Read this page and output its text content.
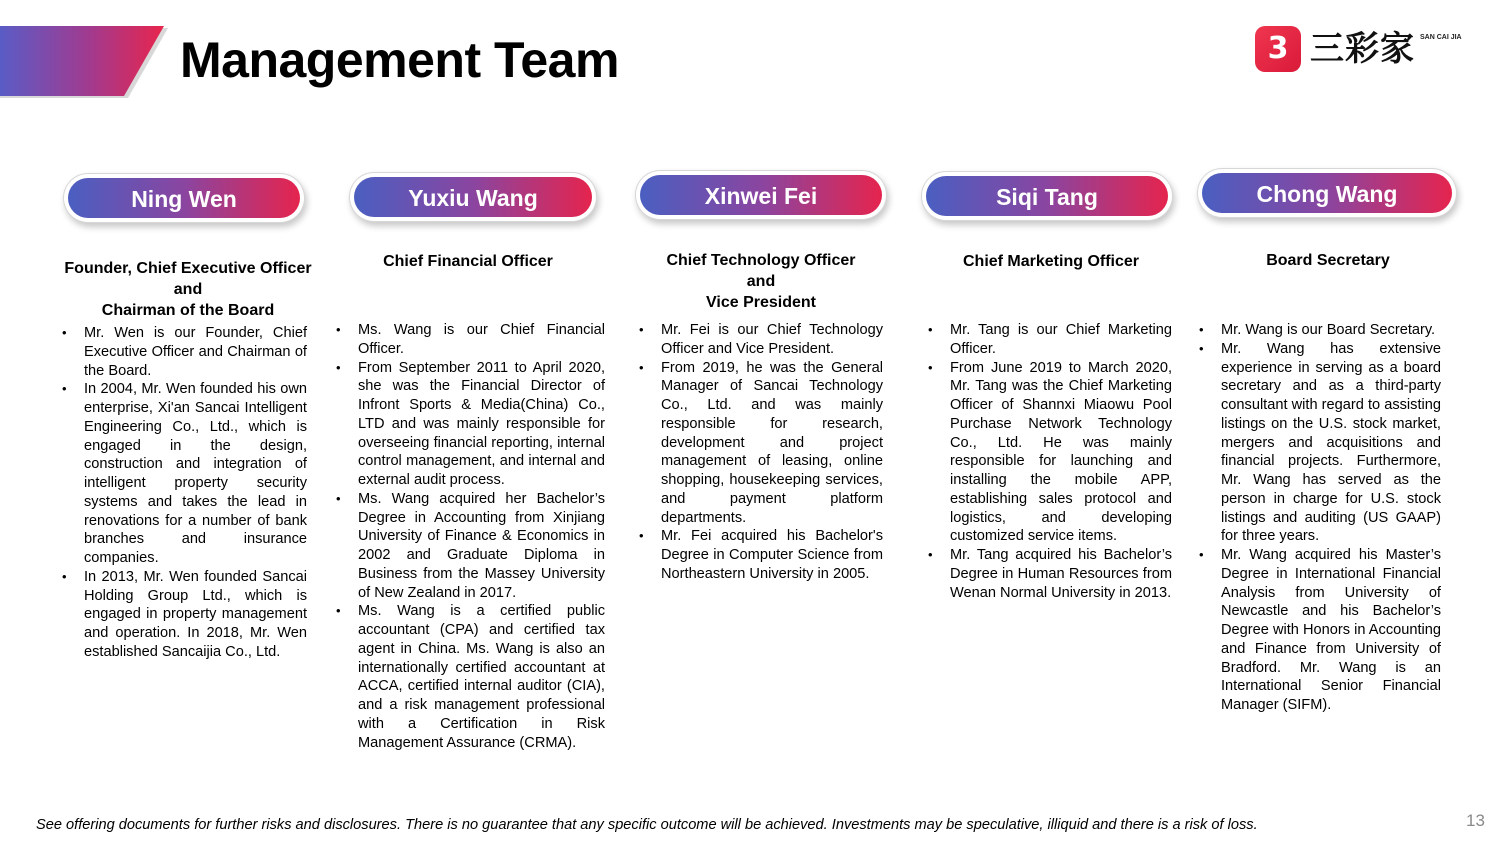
Management Team	3 三彩家 SAN CAI JIA
Ning Wen
Founder, Chief Executive Officer
and
Chairman of the Board
• Mr. Wen is our Founder, Chief Executive Officer and Chairman of the Board.
• In 2004, Mr. Wen founded his own enterprise, Xi'an Sancai Intelligent Engineering Co., Ltd., which is engaged in the design, construction and integration of intelligent property security systems and takes the lead in renovations for a number of bank branches and insurance companies.
• In 2013, Mr. Wen founded Sancai Holding Group Ltd., which is engaged in property management and operation. In 2018, Mr. Wen established Sancaijia Co., Ltd.
Yuxiu Wang
Chief Financial Officer
• Ms. Wang is our Chief Financial Officer.
• From September 2011 to April 2020, she was the Financial Director of Infront Sports & Media(China) Co., LTD and was mainly responsible for overseeing financial reporting, internal control management, and internal and external audit process.
• Ms. Wang acquired her Bachelor’s Degree in Accounting from Xinjiang University of Finance & Economics in 2002 and Graduate Diploma in Business from the Massey University of New Zealand in 2017.
• Ms. Wang is a certified public accountant (CPA) and certified tax agent in China. Ms. Wang is also an internationally certified accountant at ACCA, certified internal auditor (CIA), and a risk management professional with a Certification in Risk Management Assurance (CRMA).
Xinwei Fei
Chief Technology Officer
and
Vice President
• Mr. Fei is our Chief Technology Officer and Vice President.
• From 2019, he was the General Manager of Sancai Technology Co., Ltd. and was mainly responsible for research, development and project management of leasing, online shopping, housekeeping services, and payment platform departments.
• Mr. Fei acquired his Bachelor's Degree in Computer Science from Northeastern University in 2005.
Siqi Tang
Chief Marketing Officer
• Mr. Tang is our Chief Marketing Officer.
• From June 2019 to March 2020, Mr. Tang was the Chief Marketing Officer of Shannxi Miaowu Pool Purchase Network Technology Co., Ltd. He was mainly responsible for launching and installing the mobile APP, establishing sales protocol and logistics, and developing customized service items.
• Mr. Tang acquired his Bachelor’s Degree in Human Resources from Wenan Normal University in 2013.
Chong Wang
Board Secretary
• Mr. Wang is our Board Secretary.
• Mr. Wang has extensive experience in serving as a board secretary and as a third-party consultant with regard to assisting listings on the U.S. stock market, mergers and acquisitions and financial projects. Furthermore, Mr. Wang has served as the person in charge for U.S. stock listings and auditing (US GAAP) for three years.
• Mr. Wang acquired his Master’s Degree in International Financial Analysis from University of Newcastle and his Bachelor’s Degree with Honors in Accounting and Finance from University of Bradford. Mr. Wang is an International Senior Financial Manager (SIFM).

See offering documents for further risks and disclosures. There is no guarantee that any specific outcome will be achieved. Investments may be speculative, illiquid and there is a risk of loss.	13
